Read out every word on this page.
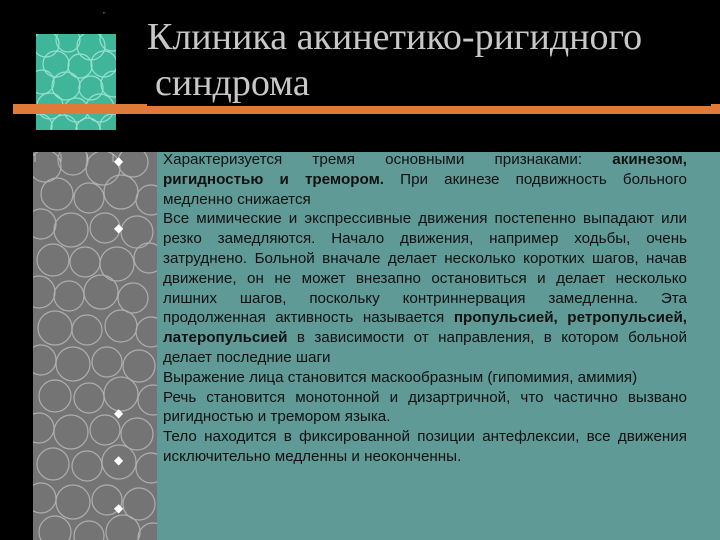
"
Клиника акинетико-ригидного
синдрома
◆
◆
◆
◆
◆

Характеризуется тремя основными признаками: акинезом, ригидностью и тремором. При акинезе подвижность больного медленно снижается

Все мимические и экспрессивные движения постепенно выпадают или резко замедляются. Начало движения, например ходьбы, очень затруднено. Больной вначале делает несколько коротких шагов, начав движение, он не может внезапно остановиться и делает несколько лишних шагов, поскольку контриннервация замедленна. Эта продолженная активность называется пропульсией, ретропульсией, латеропульсией в зависимости от направления, в котором больной делает последние шаги

Выражение лица становится маскообразным (гипомимия, амимия)

Речь становится монотонной и дизартричной, что частично вызвано ригидностью и тремором языка.

Тело находится в фиксированной позиции антефлексии, все движения исключительно медленны и неоконченны.
